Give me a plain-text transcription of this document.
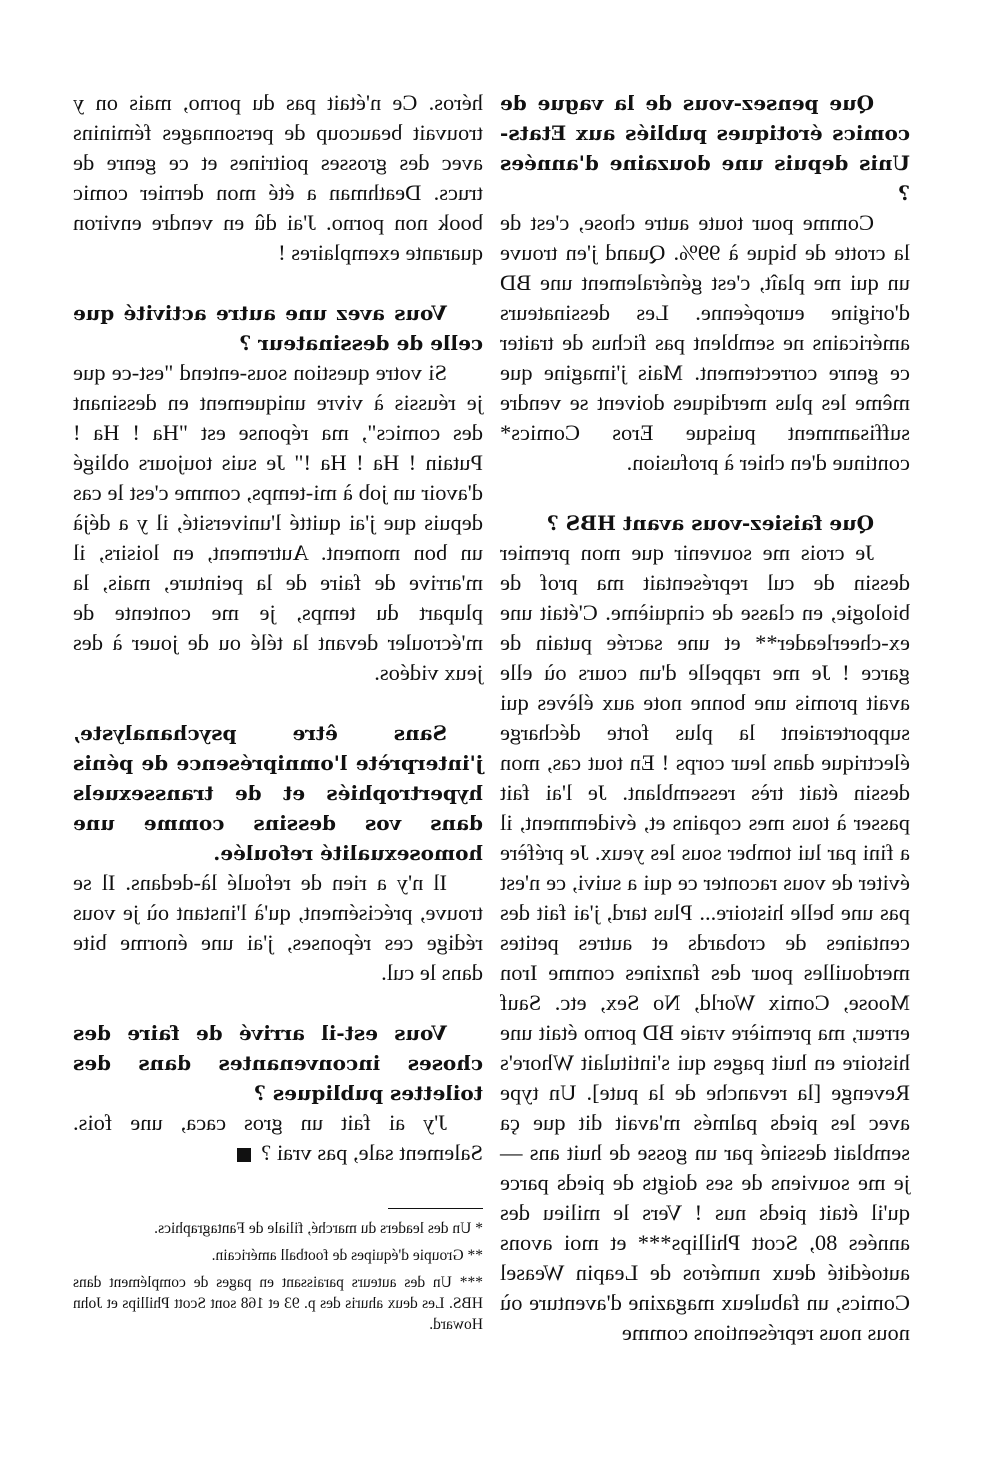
Que pensez-vous de la vague de comics érotiques publiés aux Etats-Unis depuis une douzaine d'années ?

Comme pour toute autre chose, c'est de la crotte de bique à 99%. Quand j'en trouve un qui me plaît, c'est généralement une BD d'origine européenne. Les dessinateurs américains ne semblent pas fichus de traiter ce genre correctement. Mais j'imagine que même les plus merdiques doivent se vendre suffisamment puisque Eros Comics* continue d'en chier à profusion.

Que faisiez-vous avant HBS ?

Je crois me souvenir que mon premier dessin de cul représentait ma prof de biologie, en classe de cinquième. C'était une ex-cheerleader** et une sacrée putain de garce ! Je me rappelle d'un cours où elle avait promis une bonne note aux élèves qui supporteraient la plus forte décharge électrique dans leur corps ! En tout cas, mon dessin était très ressemblant. Je l'ai fait passer à tous mes copains et, évidemment, il a fini par lui tomber sous les yeux. Je préfère éviter de vous raconter ce qui a suivi, ce n'est pas une belle histoire... Plus tard, j'ai fait des centaines de crobards et autres petites merdouilles pour des fanzines comme Iron Moose, Comix World, No Sex, etc. Sauf erreur, ma première vraie BD porno était une histoire en huit pages qui s'intitulait Whore's Revenge [la revanche de la pute]. Un type avec les pieds palmés m'avait dit que ça semblait dessiné par un gosse de huit ans — je me souviens de ses doigts de pieds parce qu'il était pieds nus ! Vers le milieu des années 80, Scott Phillips*** et moi avons autoédité deux numéros de Leapin Weasel Comics, un fabuleux magazine d'aventure où nous nous représentions comme

héros. Ce n'était pas du porno, mais on y trouvait beaucoup de personnages féminins avec des grosses poitrines et ce genre de trucs. Deathman a été mon dernier comic book non porno. J'ai dû en vendre environ quarante exemplaires !

Vous avez une autre activité que celle de dessinateur ?

Si votre question sous-entend "est-ce que je réussis à vivre uniquement en dessinant des comics", ma réponse est "Ha ! Ha ! Putain ! Ha ! Ha !" Je suis toujours obligé d'avoir un job à mi-temps, comme c'est le cas depuis que j'ai quitté l'université, il y a déjà un bon moment. Autrement, en loisirs, il m'arrive de faire de la peinture, mais, la plupart du temps, je me contente de m'écrouler devant la télé ou de jouer à des jeux vidéos.

Sans être psychanalyste, j'interprète l'omniprésence de pénis hypertrophiés et de transsexuels dans vos dessins comme une homosexualité refoulée.

Il n'y a rien de refoulé là-dedans. Il se trouve, précisément, qu'à l'instant où je vous rédige ces réponses, j'ai une énorme bite dans le cul.

Vous est-il arrivé de faire des choses inconvenantes dans des toilettes publiques ?

J'y ai fait un gros caca, une fois. Salement sale, pas vrai ?

* Un des leaders du marché, filiale de Fantagraphics.

** Groupie d'équipes de football américain.

*** Un des auteurs paraissant en pages de complément dans HBS. Les deux ahuris des p. 93 et 168 sont Scott Phillips et John Howard.
